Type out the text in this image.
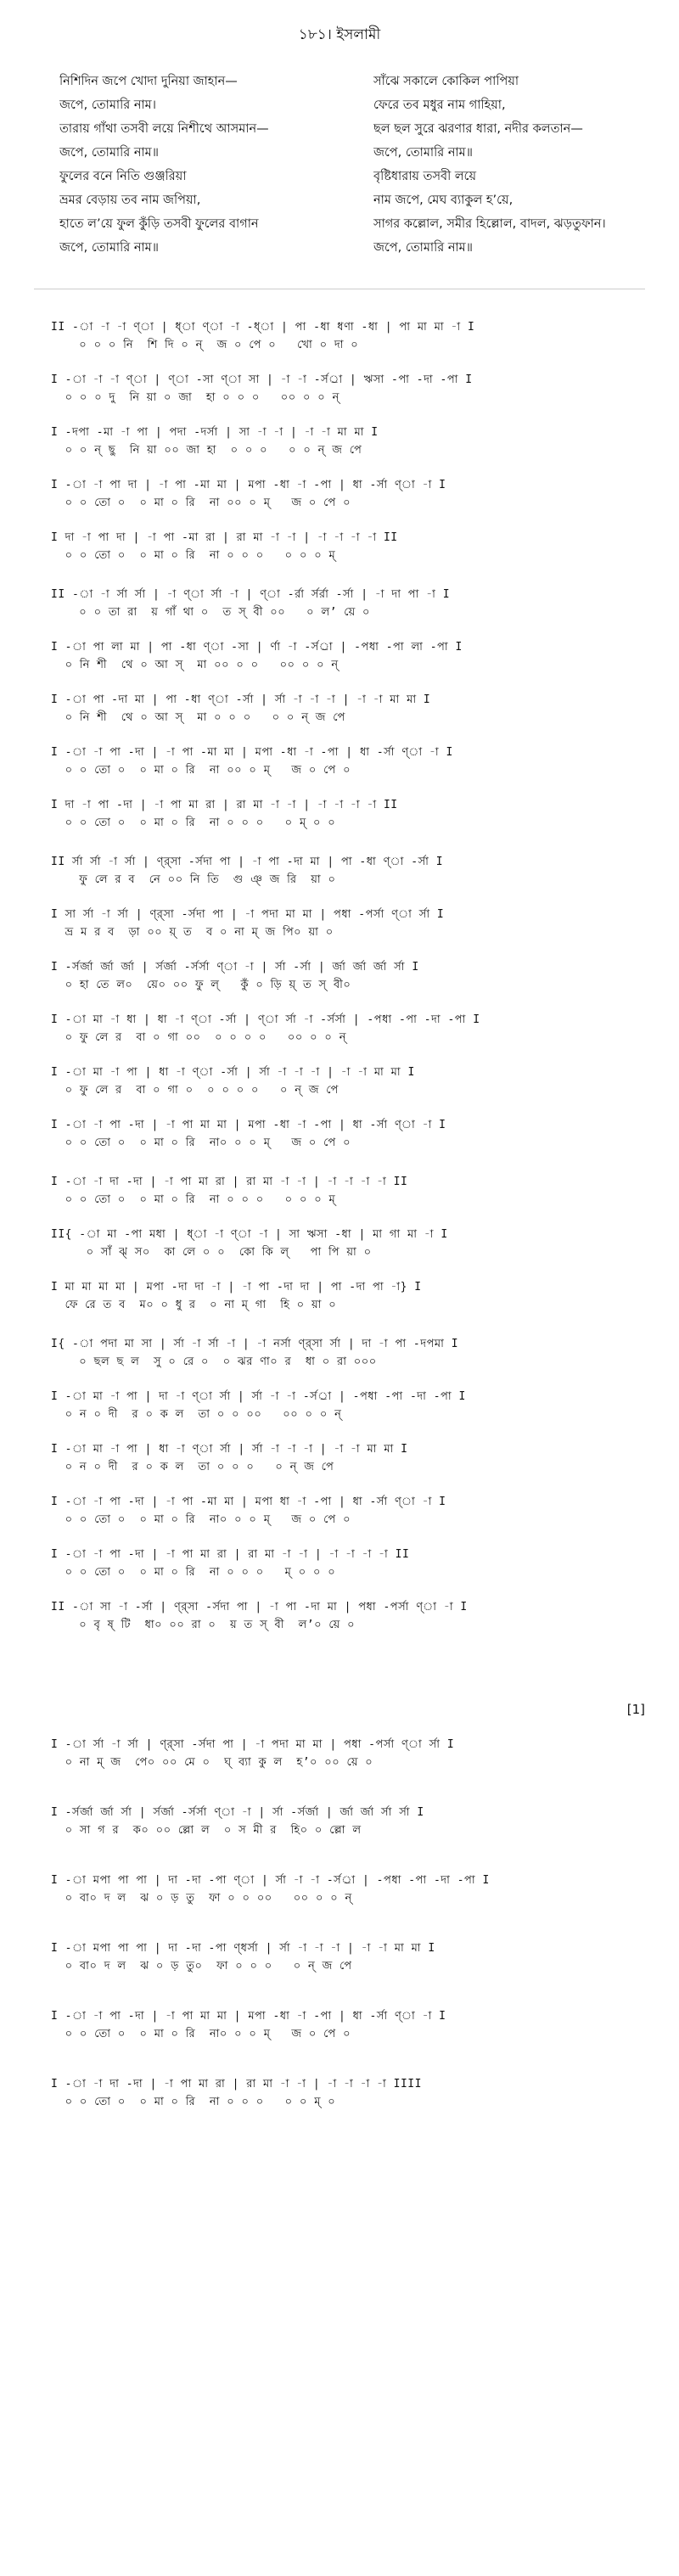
১৮১। ইসলামী
নিশিদিন জপে খোদা দুনিয়া জাহান—	সাঁঝে সকালে কোকিল পাপিয়া
জপে, তোমারি নাম।	ফেরে তব মধুর নাম গাহিয়া,
তারায় গাঁথা তসবী লয়ে নিশীথে আসমান—	ছল ছল সুরে ঝরণার ধারা, নদীর কলতান—
জপে, তোমারি নাম॥	জপে, তোমারি নাম॥
ফুলের বনে নিতি গুঞ্জরিয়া	বৃষ্টিধারায় তসবী লয়ে
ভ্রমর বেড়ায় তব নাম জপিয়া,	নাম জপে, মেঘ ব্যাকুল হ’য়ে,
হাতে ল’য়ে ফুল কুঁড়ি তসবী ফুলের বাগান	সাগর কল্লোল, সমীর হিল্লোল, বাদল, ঝড়তুফান।
জপে, তোমারি নাম॥	জপে, তোমারি নাম॥
[1]
II -া -া -া ণ্া | ধ্া ণ্া -া -ধ্া | পা -ধা ধণা -ধা | পা মা মা -া I
০ ০ ০ নি  শি দি ০ ন্  জ ০ পে ০   খো ০ দা ০
I -া -া -া ণ্া | ণ্া -সা ণ্া সা | -া -া -র্সর্া | ঋসা -পা -দা -পা I
০ ০ ০ দু  নি য়া ০ জা  হা ০ ০ ০   ০০ ০ ০ ন্
I -দপা -মা -া পা | পদা -দর্সা | সা -া -া | -া -া মা মা I
০ ০ ন্ ছু  নি য়া ০০ জা হা  ০ ০ ০   ০ ০ ন্ জ পে
I -া -া পা দা | -া পা -মা মা | মপা -ধা -া -পা | ধা -র্সা ণ্া -া I
০ ০ তো ০  ০ মা ০ রি  না ০০ ০ ম্   জ ০ পে ০
I দা -া পা দা | -া পা -মা রা | রা মা -া -া | -া -া -া -া II
০ ০ তো ০  ০ মা ০ রি  না ০ ০ ০   ০ ০ ০ ম্
II -া -া র্সা র্সা | -া ণ্া র্সা -া | ণ্া -র্রা র্সর্রা -র্সা | -া দা পা -া I
০ ০ তা রা  য় গাঁ থা ০  ত স্ বী ০০   ০ ল’ য়ে ০
I -া পা লা মা | পা -ধা ণ্া -সা | র্ণা -া -র্সর্া | -পধা -পা লা -পা I
০ নি শী  থে ০ আ স্  মা ০০ ০ ০   ০০ ০ ০ ন্
I -া পা -দা মা | পা -ধা ণ্া -র্সা | র্সা -া -া -া | -া -া মা মা I
০ নি শী  থে ০ আ স্  মা ০ ০ ০   ০ ০ ন্ জ পে
I -া -া পা -দা | -া পা -মা মা | মপা -ধা -া -পা | ধা -র্সা ণ্া -া I
০ ০ তো ০  ০ মা ০ রি  না ০০ ০ ম্   জ ০ পে ০
I দা -া পা -দা | -া পা মা রা | রা মা -া -া | -া -া -া -া II
০ ০ তো ০  ০ মা ০ রি  না ০ ০ ০   ০ ম্ ০ ০
II র্সা র্সা -া র্সা | ণ্র্সা -র্সদা পা | -া পা -দা মা | পা -ধা ণ্া -র্সা I
ফু লে র ব  নে ০০ নি তি  গু ঞ্ জ রি  য়া ০
I সা র্সা -া র্সা | ণ্র্সা -র্সদা পা | -া পদা মা মা | পধা -পর্সা ণ্া র্সা I
ভ্র ম র ব  ড়া ০০ য়্ ত  ব ০ না ম্ জ পি০ য়া ০
I -র্সর্জা র্জা র্জা | র্সর্জা -র্সর্সা ণ্া -া | র্সা -র্সা | র্জা র্জা র্জা র্সা I
০ হা তে ল০  য়ে০ ০০ ফু ল্   কুঁ ০ ড়ি য়্ ত স্ বী০
I -া মা -া ধা | ধা -া ণ্া -র্সা | ণ্া র্সা -া -র্সর্সা | -পধা -পা -দা -পা I
০ ফু লে র  বা ০ গা ০০  ০ ০ ০ ০   ০০ ০ ০ ন্
I -া মা -া পা | ধা -া ণ্া -র্সা | র্সা -া -া -া | -া -া মা মা I
০ ফু লে র  বা ০ গা ০  ০ ০ ০ ০   ০ ন্ জ পে
I -া -া পা -দা | -া পা মা মা | মপা -ধা -া -পা | ধা -র্সা ণ্া -া I
০ ০ তো ০  ০ মা ০ রি  না০ ০ ০ ম্   জ ০ পে ০
I -া -া দা -দা | -া পা মা রা | রা মা -া -া | -া -া -া -া II
০ ০ তো ০  ০ মা ০ রি  না ০ ০ ০   ০ ০ ০ ম্
II{ -া মা -পা মধা | ধ্া -া ণ্া -া | সা ঋসা -ধা | মা গা মা -া I
০ সাঁ ঝ্ স০  কা লে ০ ০  কো কি ল্   পা পি য়া ০
I মা মা মা মা | মপা -দা দা -া | -া পা -দা দা | পা -দা পা -া} I
ফে রে ত ব  ম০ ০ ধু র  ০ না ম্ গা  হি ০ য়া ০
I{ -া পদা মা সা | র্সা -া র্সা -া | -া নর্সা ণ্র্সা র্সা | দা -া পা -দপমা I
০ ছল ছ ল  সু ০ রে ০  ০ ঝর ণা০ র  ধা ০ রা ০০০
I -া মা -া পা | দা -া ণ্া র্সা | র্সা -া -া -র্সর্া | -পধা -পা -দা -পা I
০ ন ০ দী  র ০ ক ল  তা ০ ০ ০০   ০০ ০ ০ ন্
I -া মা -া পা | ধা -া ণ্া র্সা | র্সা -া -া -া | -া -া মা মা I
০ ন ০ দী  র ০ ক ল  তা ০ ০ ০   ০ ন্ জ পে
I -া -া পা -দা | -া পা -মা মা | মপা ধা -া -পা | ধা -র্সা ণ্া -া I
০ ০ তো ০  ০ মা ০ রি  না০ ০ ০ ম্   জ ০ পে ০
I -া -া পা -দা | -া পা মা রা | রা মা -া -া | -া -া -া -া II
০ ০ তো ০  ০ মা ০ রি  না ০ ০ ০   ম্ ০ ০ ০
II -া সা -া -র্সা | ণ্র্সা -র্সদা পা | -া পা -দা মা | পধা -পর্সা ণ্া -া I
০ বৃ ষ্ টি  ধা০ ০০ রা ০  য় ত স্ বী  ল’০ য়ে ০
I -া র্সা -া র্সা | ণ্র্সা -র্সদা পা | -া পদা মা মা | পধা -পর্সা ণ্া র্সা I
০ না ম্ জ  পে০ ০০ মে ০  ঘ্ ব্যা কু ল  হ’০ ০০ য়ে ০
I -র্সর্জা র্জা র্সা | র্সর্জা -র্সর্সা ণ্া -া | র্সা -র্সর্জা | র্জা র্জা র্সা র্সা I
০ সা গ র  ক০ ০০ ল্লো ল  ০ স মী র  হি০ ০ ল্লো ল
I -া মপা পা পা | দা -দা -পা ণ্া | র্সা -া -া -র্সর্া | -পধা -পা -দা -পা I
০ বা০ দ ল  ঝ ০ ড় তু  ফা ০ ০ ০০   ০০ ০ ০ ন্
I -া মপা পা পা | দা -দা -পা ণ্ধর্সা | র্সা -া -া -া | -া -া মা মা I
০ বা০ দ ল  ঝ ০ ড় তু০  ফা ০ ০ ০   ০ ন্ জ পে
I -া -া পা -দা | -া পা মা মা | মপা -ধা -া -পা | ধা -র্সা ণ্া -া I
০ ০ তো ০  ০ মা ০ রি  না০ ০ ০ ম্   জ ০ পে ০
I -া -া দা -দা | -া পা মা রা | রা মা -া -া | -া -া -া -া IIII
০ ০ তো ০  ০ মা ০ রি  না ০ ০ ০   ০ ০ ম্ ০
